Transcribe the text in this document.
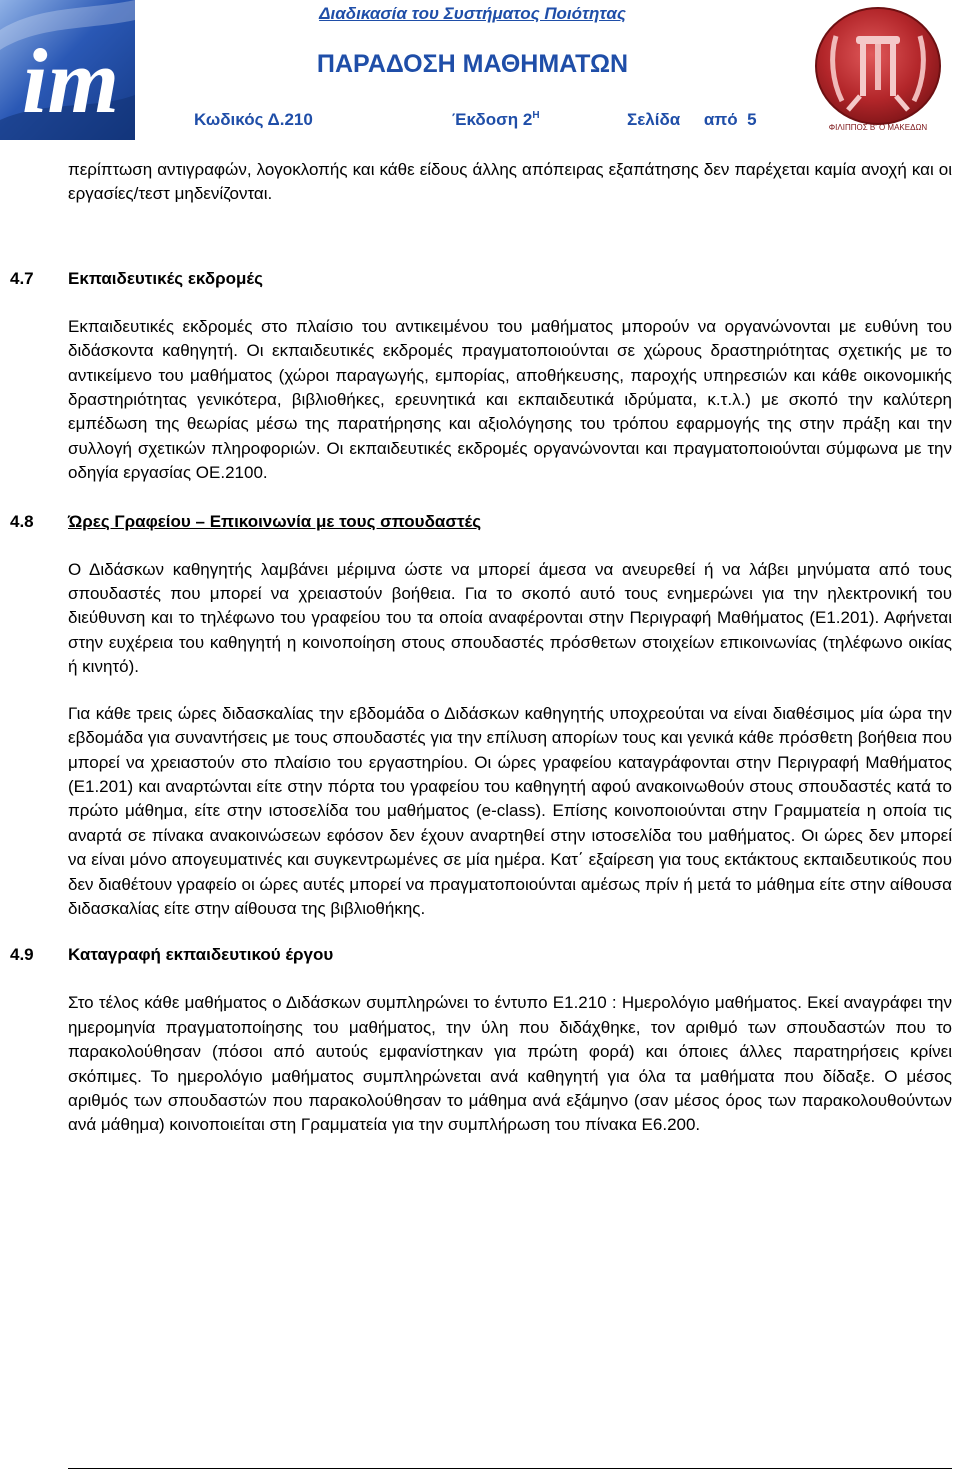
im
Διαδικασία του Συστήματος Ποιότητας
ΠΑΡΑΔΟΣΗ ΜΑΘΗΜΑΤΩΝ
Κωδικός Δ.210	Έκδοση $2^H$	Σελίδα     από  5	ΦΙΛΙΠΠΟΣ Β' Ο ΜΑΚΕΔΩΝ

περίπτωση αντιγραφών, λογοκλοπής και κάθε είδους άλλης απόπειρας εξαπάτησης δεν παρέχεται καμία ανοχή και οι εργασίες/τεστ μηδενίζονται.

4.7 Εκπαιδευτικές εκδρομές

Εκπαιδευτικές εκδρομές στο πλαίσιο του αντικειμένου του μαθήματος μπορούν να οργανώνονται με ευθύνη του διδάσκοντα καθηγητή. Οι εκπαιδευτικές εκδρομές πραγματοποιούνται σε χώρους δραστηριότητας σχετικής με το αντικείμενο του μαθήματος (χώροι παραγωγής, εμπορίας, αποθήκευσης, παροχής υπηρεσιών και κάθε οικονομικής δραστηριότητας γενικότερα, βιβλιοθήκες, ερευνητικά και εκπαιδευτικά ιδρύματα, κ.τ.λ.) με σκοπό την καλύτερη εμπέδωση της θεωρίας μέσω της παρατήρησης και αξιολόγησης του τρόπου εφαρμογής της στην πράξη και την συλλογή σχετικών πληροφοριών. Οι εκπαιδευτικές εκδρομές οργανώνονται και πραγματοποιούνται σύμφωνα με την οδηγία εργασίας ΟΕ.2100.

4.8 Ώρες Γραφείου – Επικοινωνία με τους σπουδαστές

Ο Διδάσκων καθηγητής λαμβάνει μέριμνα ώστε να μπορεί άμεσα να ανευρεθεί ή να λάβει μηνύματα από τους σπουδαστές που μπορεί να χρειαστούν βοήθεια. Για το σκοπό αυτό τους ενημερώνει για την ηλεκτρονική του διεύθυνση και το τηλέφωνο του γραφείου του τα οποία αναφέρονται στην Περιγραφή Μαθήματος (Ε1.201). Αφήνεται στην ευχέρεια του καθηγητή η κοινοποίηση στους σπουδαστές πρόσθετων στοιχείων επικοινωνίας (τηλέφωνο οικίας ή κινητό).

Για κάθε τρεις ώρες διδασκαλίας την εβδομάδα ο Διδάσκων καθηγητής υποχρεούται να είναι διαθέσιμος μία ώρα την εβδομάδα για συναντήσεις με τους σπουδαστές για την επίλυση απορίων τους και γενικά κάθε πρόσθετη βοήθεια που μπορεί να χρειαστούν στο πλαίσιο του εργαστηρίου. Οι ώρες γραφείου καταγράφονται στην Περιγραφή Μαθήματος (Ε1.201) και αναρτώνται είτε στην πόρτα του γραφείου του καθηγητή αφού ανακοινωθούν στους σπουδαστές κατά το πρώτο μάθημα, είτε στην ιστοσελίδα του μαθήματος (e-class). Επίσης κοινοποιούνται στην Γραμματεία η οποία τις αναρτά σε πίνακα ανακοινώσεων εφόσον δεν έχουν αναρτηθεί στην ιστοσελίδα του μαθήματος. Οι ώρες δεν μπορεί να είναι μόνο απογευματινές και συγκεντρωμένες σε μία ημέρα. Κατ΄ εξαίρεση για τους εκτάκτους εκπαιδευτικούς που δεν διαθέτουν γραφείο οι ώρες αυτές μπορεί να πραγματοποιούνται αμέσως πρίν ή μετά το μάθημα είτε στην αίθουσα διδασκαλίας είτε στην αίθουσα της βιβλιοθήκης.

4.9 Καταγραφή εκπαιδευτικού έργου

Στο τέλος κάθε μαθήματος ο Διδάσκων συμπληρώνει το έντυπο Ε1.210 : Ημερολόγιο μαθήματος. Εκεί αναγράφει την ημερομηνία πραγματοποίησης του μαθήματος, την ύλη που διδάχθηκε, τον αριθμό των σπουδαστών που το παρακολούθησαν (πόσοι από αυτούς εμφανίστηκαν για πρώτη φορά) και όποιες άλλες παρατηρήσεις κρίνει σκόπιμες. Το ημερολόγιο μαθήματος συμπληρώνεται ανά καθηγητή για όλα τα μαθήματα που δίδαξε. Ο μέσος αριθμός των σπουδαστών που παρακολούθησαν το μάθημα ανά εξάμηνο (σαν μέσος όρος των παρακολουθούντων ανά μάθημα) κοινοποιείται στη Γραμματεία για την συμπλήρωση του πίνακα Ε6.200.
